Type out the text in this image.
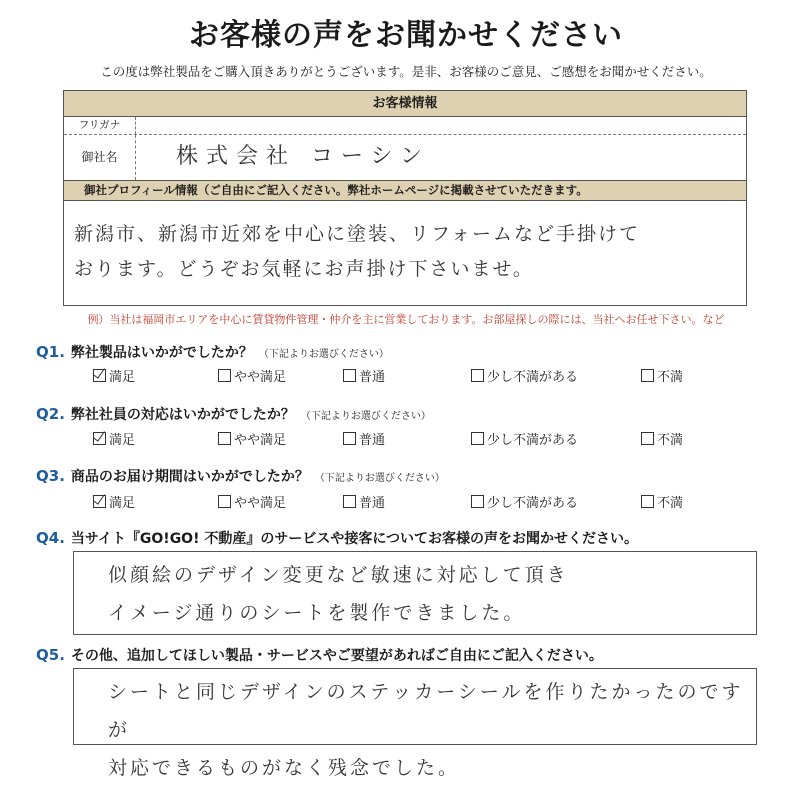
お客様の声をお聞かせください
この度は弊社製品をご購入頂きありがとうございます。是非、お客様のご意見、ご感想をお聞かせください。
お客様情報
フリガナ
御社名	株式会社 コーシン
御社プロフィール情報（ご自由にご記入ください。弊社ホームページに掲載させていただきます。
新潟市、新潟市近郊を中心に塗装、リフォームなど手掛けて
おります。どうぞお気軽にお声掛け下さいませ。
例）当社は福岡市エリアを中心に賃貸物件管理・仲介を主に営業しております。お部屋探しの際には、当社へお任せ下さい。など
Q1. 弊社製品はいかがでしたか？ （下記よりお選びください）
満足	やや満足	普通	少し不満がある	不満
Q2. 弊社社員の対応はいかがでしたか？ （下記よりお選びください）
満足	やや満足	普通	少し不満がある	不満
Q3. 商品のお届け期間はいかがでしたか？ （下記よりお選びください）
満足	やや満足	普通	少し不満がある	不満
Q4. 当サイト『GO!GO! 不動産』のサービスや接客についてお客様の声をお聞かせください。
似顔絵のデザイン変更など敏速に対応して頂き
イメージ通りのシートを製作できました。
Q5. その他、追加してほしい製品・サービスやご要望があればご自由にご記入ください。
シートと同じデザインのステッカーシールを作りたかったのですが
対応できるものがなく残念でした。
